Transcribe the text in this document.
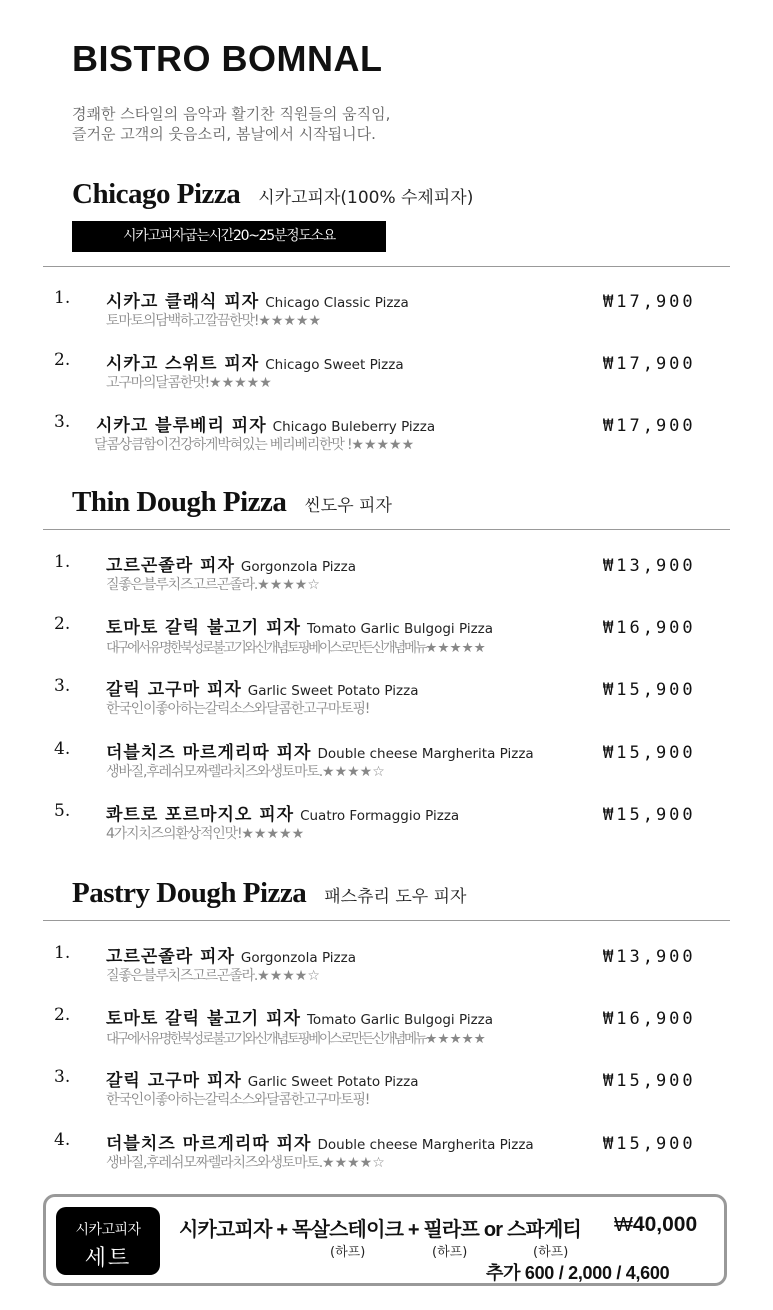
BISTRO BOMNAL
경쾌한 스타일의 음악과 활기찬 직원들의 움직임,
즐거운 고객의 웃음소리, 봄날에서 시작됩니다.
Chicago Pizza 시카고피자(100% 수제피자)
시카고피자굽는시간20~25분정도소요
1. 시카고 클래식 피자 Chicago Classic Pizza
토마토의담백하고깔끔한맛!★★★★★
₩17,900
2. 시카고 스위트 피자 Chicago Sweet Pizza
고구마의달콤한맛!★★★★★
₩17,900
3. 시카고 블루베리 피자 Chicago Buleberry Pizza
달콤상큼함이건강하게박혀있는 베리베리한맛 !★★★★★
₩17,900
Thin Dough Pizza 씬도우 피자
1. 고르곤졸라 피자 Gorgonzola Pizza
질좋은블루치즈고르곤졸라.★★★★☆
₩13,900
2. 토마토 갈릭 불고기 피자 Tomato Garlic Bulgogi Pizza
대구에서유명한북성로불고기와신개념토핑베이스로만든신개념메뉴★★★★★
₩16,900
3. 갈릭 고구마 피자 Garlic Sweet Potato Pizza
한국인이좋아하는갈릭소스와달콤한고구마토핑!
₩15,900
4. 더블치즈 마르게리따 피자 Double cheese Margherita Pizza
생바질,후레쉬모짜렐라치즈와생토마토.★★★★☆
₩15,900
5. 콰트로 포르마지오 피자 Cuatro Formaggio Pizza
4가지치즈의환상적인맛!★★★★★
₩15,900
Pastry Dough Pizza 패스츄리 도우 피자
1. 고르곤졸라 피자 Gorgonzola Pizza
질좋은블루치즈고르곤졸라.★★★★☆
₩13,900
2. 토마토 갈릭 불고기 피자 Tomato Garlic Bulgogi Pizza
대구에서유명한북성로불고기와신개념토핑베이스로만든신개념메뉴★★★★★
₩16,900
3. 갈릭 고구마 피자 Garlic Sweet Potato Pizza
한국인이좋아하는갈릭소스와달콤한고구마토핑!
₩15,900
4. 더블치즈 마르게리따 피자 Double cheese Margherita Pizza
생바질,후레쉬모짜렐라치즈와생토마토.★★★★☆
₩15,900
시카고피자
세트
시카고피자 + 목살스테이크 + 필라프 or 스파게티 ₩40,000
(하프)	(하프)	(하프)
추가 600 / 2,000 / 4,600
